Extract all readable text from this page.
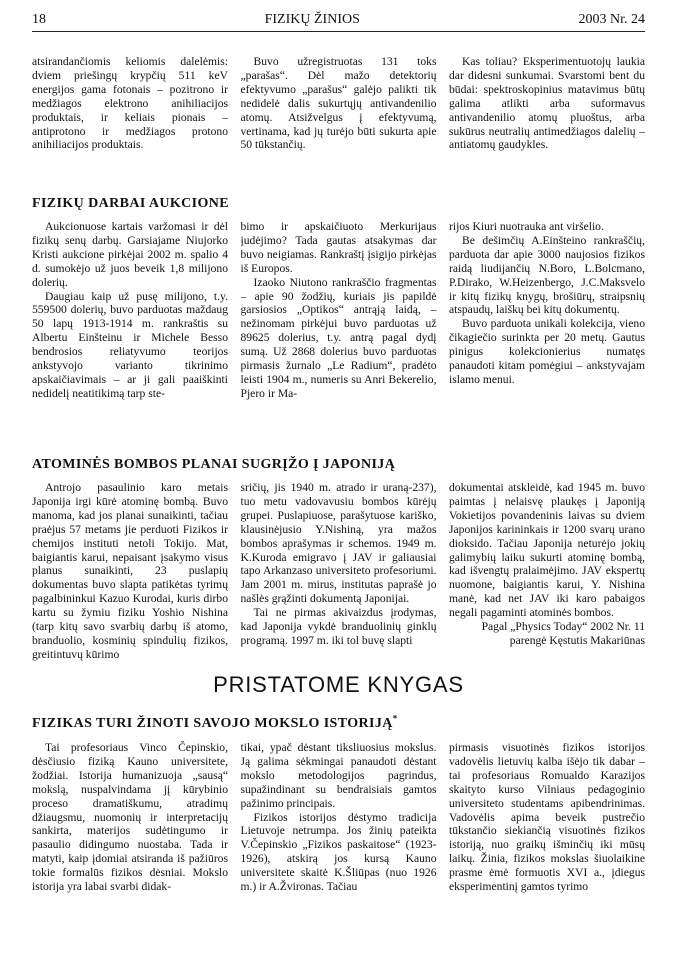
18	FIZIKŲ ŽINIOS	2003 Nr. 24

atsirandančiomis keliomis dalelėmis: dviem priešingų krypčių 511 keV energijos gama fotonais – pozitrono ir medžiagos elektrono anihiliacijos produktais, ir keliais pionais – antiprotono ir medžiagos protono anihiliacijos produktais.

Buvo užregistruotas 131 toks „parašas“. Dėl mažo detektorių efektyvumo „parašus“ galėjo palikti tik nedidelė dalis sukurtųjų antivandenilio atomų. Atsižvelgus į efektyvumą, vertinama, kad jų turėjo būti sukurta apie 50 tūkstančių.

Kas toliau? Eksperimentuotojų laukia dar didesni sunkumai. Svarstomi bent du būdai: spektroskopinius matavimus būtų galima atlikti arba suformavus antivandenilio atomų pluoštus, arba sukūrus neutralių antimedžiagos dalelių – antiatomų gaudykles.

FIZIKŲ DARBAI AUKCIONE

Aukcionuose kartais varžomasi ir dėl fizikų senų darbų. Garsiajame Niujorko Kristi aukcione pirkėjai 2002 m. spalio 4 d. sumokėjo už juos beveik 1,8 milijono dolerių.

Daugiau kaip už pusę milijono, t.y. 559500 dolerių, buvo parduotas maždaug 50 lapų 1913-1914 m. rankraštis su Albertu Einšteinu ir Michele Besso bendrosios reliatyvumo teorijos ankstyvojo varianto tikrinimo apskaičiavimais – ar ji gali paaiškinti nedidelį neatitikimą tarp ste-

bimo ir apskaičiuoto Merkurijaus judėjimo? Tada gautas atsakymas dar buvo neigiamas. Rankraštį įsigijo pirkėjas iš Europos.

Izaoko Niutono rankraščio fragmentas – apie 90 žodžių, kuriais jis papildė garsiosios „Optikos“ antrąją laidą, – nežinomam pirkėjui buvo parduotas už 89625 dolerius, t.y. antrą pagal dydį sumą. Už 2868 dolerius buvo parduotas pirmasis žurnalo „Le Radium“, pradėto leisti 1904 m., numeris su Anri Bekerelio, Pjero ir Ma-

rijos Kiuri nuotrauka ant viršelio.

Be dešimčių A.Einšteino rankraščių, parduota dar apie 3000 naujosios fizikos raidą liudijančių N.Boro, L.Bolcmano, P.Dirako, W.Heizenbergo, J.C.Maksvelo ir kitų fizikų knygų, brošiūrų, straipsnių atspaudų, laiškų bei kitų dokumentų.

Buvo parduota unikali kolekcija, vieno čikagiečio surinkta per 20 metų. Gautus pinigus kolekcionierius numatęs panaudoti kitam pomėgiui – ankstyvajam islamo menui.

ATOMINĖS BOMBOS PLANAI SUGRĮŽO Į JAPONIJĄ

Antrojo pasaulinio karo metais Japonija irgi kūrė atominę bombą. Buvo manoma, kad jos planai sunaikinti, tačiau praėjus 57 metams jie perduoti Fizikos ir chemijos instituti netoli Tokijo. Mat, baigiantis karui, nepaisant įsakymo visus planus sunaikinti, 23 puslapių dokumentas buvo slapta patikėtas tyrimų pagalbininkui Kazuo Kurodai, kuris dirbo kartu su žymiu fiziku Yoshio Nishina (tarp kitų savo svarbių darbų iš atomo, branduolio, kosminių spindulių fizikos, greitintuvų kūrimo

sričių, jis 1940 m. atrado ir uraną-237), tuo metu vadovavusiu bombos kūrėjų grupei. Puslapiuose, parašytuose kariško, klausinėjusio Y.Nishiną, yra mažos bombos aprašymas ir schemos. 1949 m. K.Kuroda emigravo į JAV ir galiausiai tapo Arkanzaso universiteto profesoriumi. Jam 2001 m. mirus, institutas paprašė jo našlės grąžinti dokumentą Japonijai.

Tai ne pirmas akivaizdus įrodymas, kad Japonija vykdė branduolinių ginklų programą. 1997 m. iki tol buvę slapti

dokumentai atskleidė, kad 1945 m. buvo paimtas į nelaisvę plaukęs į Japoniją Vokietijos povandeninis laivas su dviem Japonijos karininkais ir 1200 svarų urano dioksido. Tačiau Japonija neturėjo jokių galimybių laiku sukurti atominę bombą, kad išvengtų pralaimėjimo. JAV ekspertų nuomone, baigiantis karui, Y. Nishina manė, kad net JAV iki karo pabaigos negali pagaminti atominės bombos.

Pagal „Physics Today“ 2002 Nr. 11

parengė Kęstutis Makariūnas

PRISTATOME KNYGAS
FIZIKAS TURI ŽINOTI SAVOJO MOKSLO ISTORIJĄ*

Tai profesoriaus Vinco Čepinskio, dėsčiusio fiziką Kauno universitete, žodžiai. Istorija humanizuoja „sausą“ mokslą, nuspalvindama jį kūrybinio proceso dramatiškumu, atradimų džiaugsmu, nuomonių ir interpretacijų sankirta, materijos sudėtingumo ir pasaulio didingumo nuostaba. Tada ir matyti, kaip įdomiai atsiranda iš pažiūros tokie formalūs fizikos dėsniai. Mokslo istorija yra labai svarbi didak-

tikai, ypač dėstant tiksliuosius mokslus. Ją galima sėkmingai panaudoti dėstant mokslo metodologijos pagrindus, supažindinant su bendraisiais gamtos pažinimo principais.

Fizikos istorijos dėstymo tradicija Lietuvoje netrumpa. Jos žinių pateikta V.Čepinskio „Fizikos paskaitose“ (1923-1926), atskirą jos kursą Kauno universitete skaitė K.Šliūpas (nuo 1926 m.) ir A.Žvironas. Tačiau

pirmasis visuotinės fizikos istorijos vadovėlis lietuvių kalba išėjo tik dabar – tai profesoriaus Romualdo Karazijos skaityto kurso Vilniaus pedagoginio universiteto studentams apibendrinimas. Vadovėlis apima beveik pustrečio tūkstančio siekiančią visuotinės fizikos istoriją, nuo graikų išminčių iki mūsų laikų. Žinia, fizikos mokslas šiuolaikine prasme ėmė formuotis XVI a., įdiegus eksperimentinį gamtos tyrimo
